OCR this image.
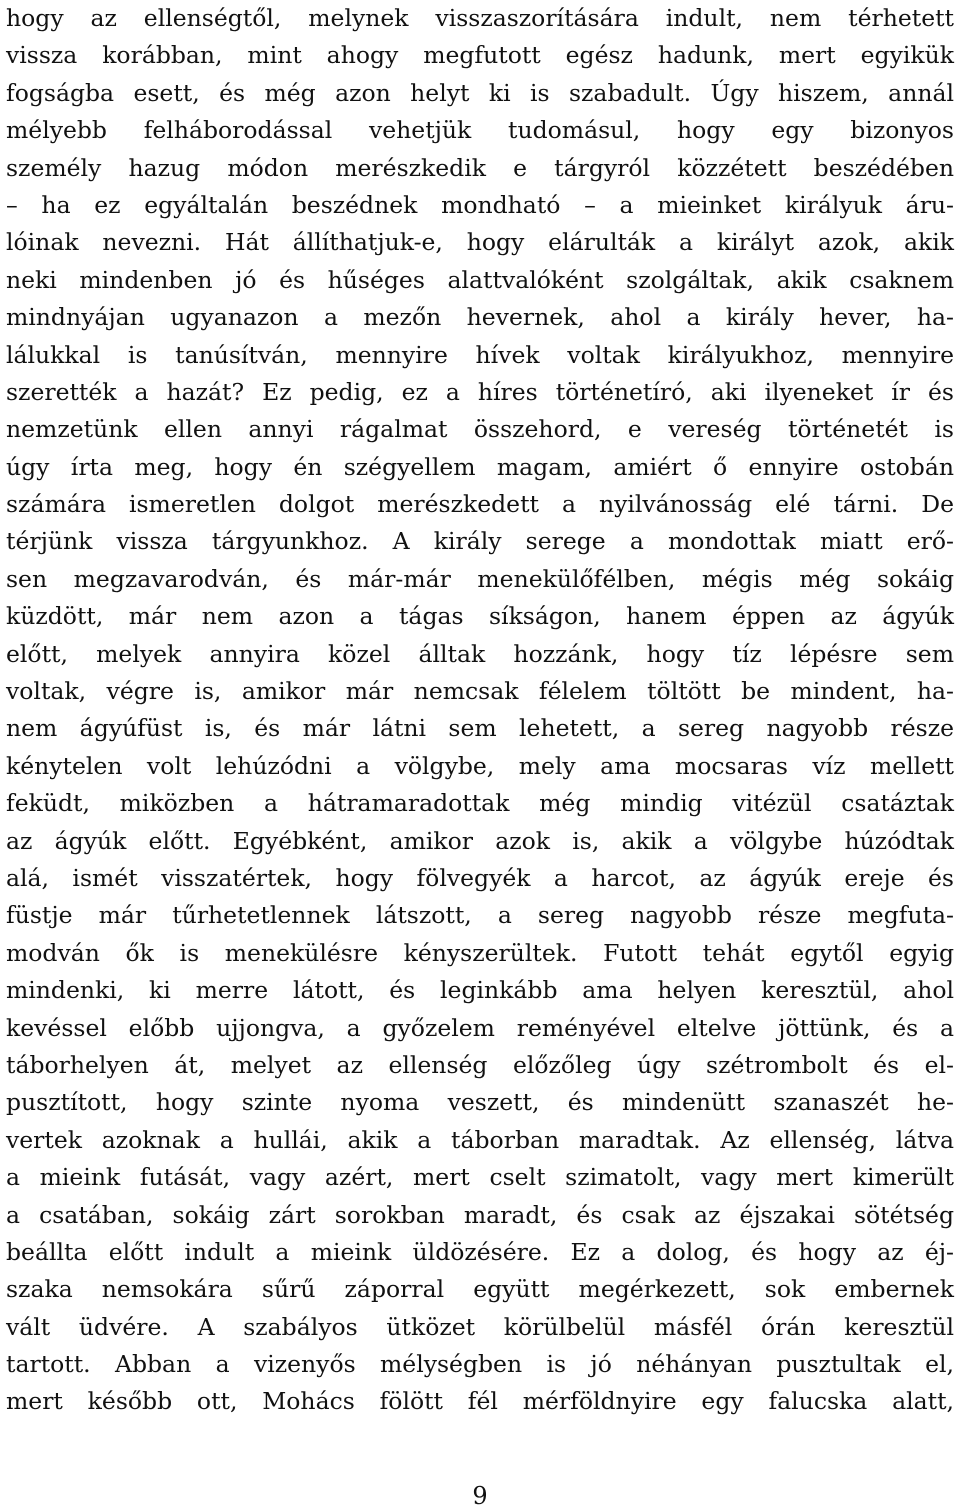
hogy az ellenségtől, melynek visszaszorítására indult, nem térhetett
vissza korábban, mint ahogy megfutott egész hadunk, mert egyikük
fogságba esett, és még azon helyt ki is szabadult. Úgy hiszem, annál
mélyebb felháborodással vehetjük tudomásul, hogy egy bizonyos
személy hazug módon merészkedik e tárgyról közzétett beszédében
– ha ez egyáltalán beszédnek mondható – a mieinket királyuk áru-
lóinak nevezni. Hát állíthatjuk-e, hogy elárulták a királyt azok, akik
neki mindenben jó és hűséges alattvalóként szolgáltak, akik csaknem
mindnyájan ugyanazon a mezőn hevernek, ahol a király hever, ha-
lálukkal is tanúsítván, mennyire hívek voltak királyukhoz, mennyire
szerették a hazát? Ez pedig, ez a híres történetíró, aki ilyeneket ír és
nemzetünk ellen annyi rágalmat összehord, e vereség történetét is
úgy írta meg, hogy én szégyellem magam, amiért ő ennyire ostobán
számára ismeretlen dolgot merészkedett a nyilvánosság elé tárni. De
térjünk vissza tárgyunkhoz. A király serege a mondottak miatt erő-
sen megzavarodván, és már-már menekülőfélben, mégis még sokáig
küzdött, már nem azon a tágas síkságon, hanem éppen az ágyúk
előtt, melyek annyira közel álltak hozzánk, hogy tíz lépésre sem
voltak, végre is, amikor már nemcsak félelem töltött be mindent, ha-
nem ágyúfüst is, és már látni sem lehetett, a sereg nagyobb része
kénytelen volt lehúzódni a völgybe, mely ama mocsaras víz mellett
feküdt, miközben a hátramaradottak még mindig vitézül csatáztak
az ágyúk előtt. Egyébként, amikor azok is, akik a völgybe húzódtak
alá, ismét visszatértek, hogy fölvegyék a harcot, az ágyúk ereje és
füstje már tűrhetetlennek látszott, a sereg nagyobb része megfuta-
modván ők is menekülésre kényszerültek. Futott tehát egytől egyig
mindenki, ki merre látott, és leginkább ama helyen keresztül, ahol
kevéssel előbb ujjongva, a győzelem reményével eltelve jöttünk, és a
táborhelyen át, melyet az ellenség előzőleg úgy szétrombolt és el-
pusztított, hogy szinte nyoma veszett, és mindenütt szanaszét he-
vertek azoknak a hullái, akik a táborban maradtak. Az ellenség, látva
a mieink futását, vagy azért, mert cselt szimatolt, vagy mert kimerült
a csatában, sokáig zárt sorokban maradt, és csak az éjszakai sötétség
beállta előtt indult a mieink üldözésére. Ez a dolog, és hogy az éj-
szaka nemsokára sűrű záporral együtt megérkezett, sok embernek
vált üdvére. A szabályos ütközet körülbelül másfél órán keresztül
tartott. Abban a vizenyős mélységben is jó néhányan pusztultak el,
mert később ott, Mohács fölött fél mérföldnyire egy falucska alatt,
9
